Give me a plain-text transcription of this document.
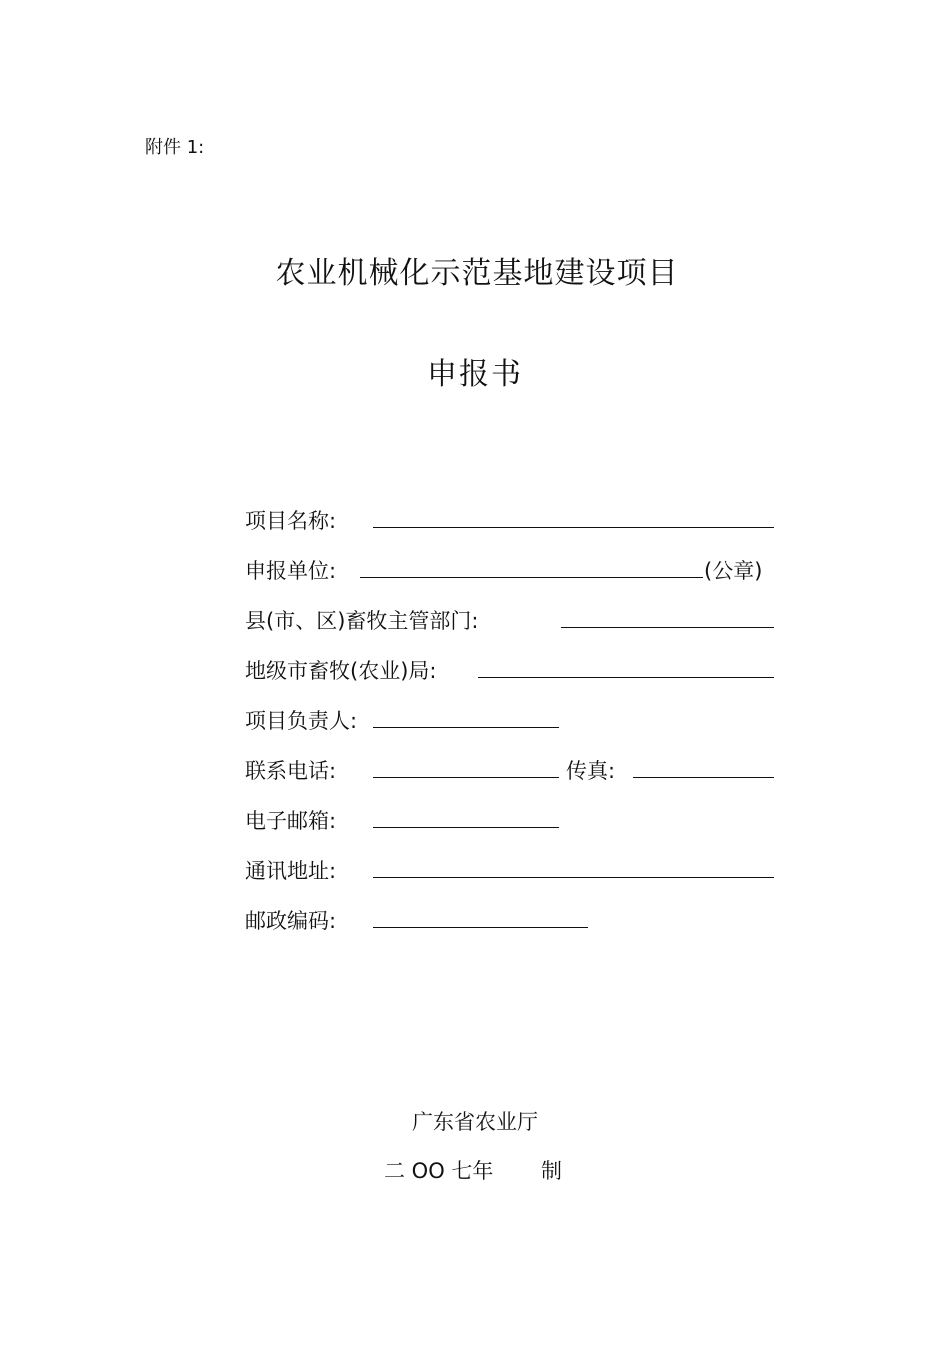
附件 1:
农业机械化示范基地建设项目
申报书
项目名称:
申报单位:	(公章)
县(市、区)畜牧主管部门:
地级市畜牧(农业)局:
项目负责人:
联系电话:	传真:
电子邮箱:
通讯地址:
邮政编码:
广东省农业厅
二 OO 七年 制
